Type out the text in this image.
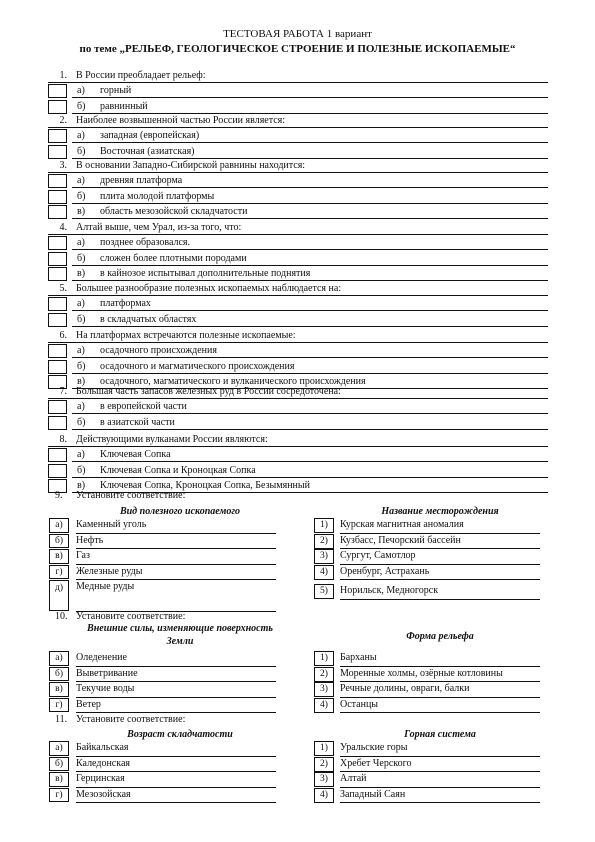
ТЕСТОВАЯ РАБОТА 1 вариант
по теме „РЕЛЬЕФ, ГЕОЛОГИЧЕСКОЕ СТРОЕНИЕ И ПОЛЕЗНЫЕ ИСКОПАЕМЫЕ“
1. В России преобладает рельеф:
а) горный
б) равнинный
2. Наиболее возвышенной частью России является:
а) западная (европейская)
б) Восточная (азиатская)
3. В основании Западно-Сибирской равнины находится:
а) древняя платформа
б) плита молодой платформы
в) область мезозойской складчатости
4. Алтай выше, чем Урал, из-за того, что:
а) позднее образовался.
б) сложен более плотными породами
в) в кайнозое испытывал дополнительные поднятия
5. Большее разнообразие полезных ископаемых наблюдается на:
а) платформах
б) в складчатых областях
6. На платформах встречаются полезные ископаемые:
а) осадочного происхождения
б) осадочного и магматического происхождения
в) осадочного, магматического и вулканического происхождения
7. Большая часть запасов железных руд в России сосредоточена:
а) в европейской части
б) в азиатской части
8. Действующими вулканами России являются:
а) Ключевая Сопка
б) Ключевая Сопка и Кроноцкая Сопка
в) Ключевая Сопка, Кроноцкая Сопка, Безымянный
9. Установите соответствие:
Вид полезного ископаемого	Название месторождения
а)	Каменный уголь	1)	Курская магнитная аномалия
б)	Нефть	2)	Кузбасс, Печорский бассейн
в)	Газ	3)	Сургут, Самотлор
г)	Железные руды	4)	Оренбург, Астрахань
д)	Медные руды	5)	Норильск, Медногорск
10. Установите соответствие:
Внешние силы, изменяющие поверхность
Земли	Форма рельефа
а)	Оледенение	1)	Барханы
б)	Выветривание	2)	Моренные холмы, озёрные котловины
в)	Текучие воды	3)	Речные долины, овраги, балки
г)	Ветер	4)	Останцы
11. Установите соответствие:
Возраст складчатости	Горная система
а)	Байкальская	1)	Уральские горы
б)	Каледонская	2)	Хребет Черского
в)	Герцинская	3)	Алтай
г)	Мезозойская	4)	Западный Саян
